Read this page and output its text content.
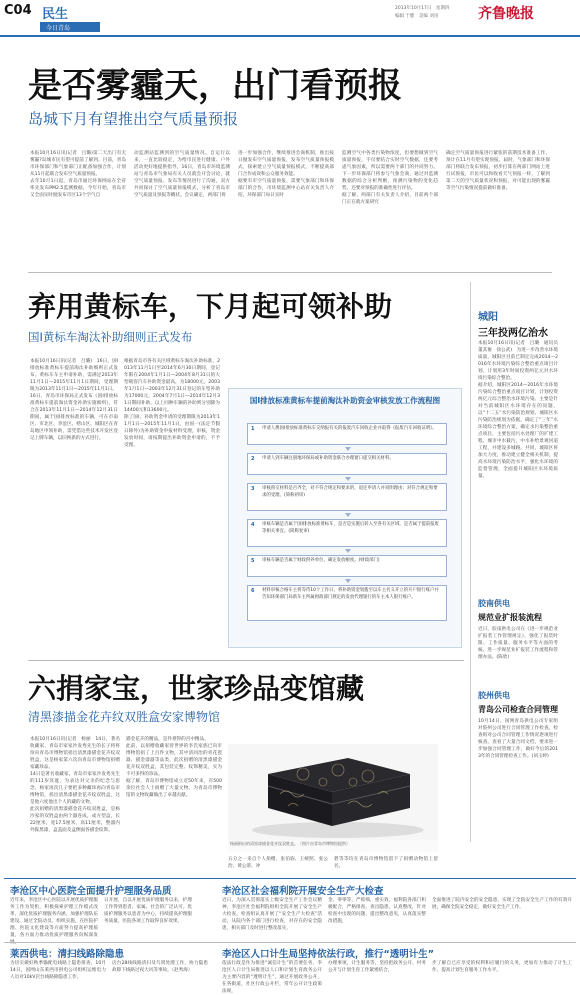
C04 民生
今日青岛
2013年10月17日　星期四
编辑 于健　美编 刘宙	齐鲁晚报
是否雾霾天，出门看预报
岛城下月有望推出空气质量预报

本报10月16日讯(记者　吕璐)第二天出门有无雾霾?岛城市民有望可提前了解到。目前，青岛市环保部门和气象部门正配备加强合作，计划从11月起联合发布空气质量预报。

去年10月1日起，青岛市通过环保网站在全省率先发布PM2.5监测数据，今年开始，青岛市又全面实时抛发布市区13个空气自

动监测站监测到的空气质量情况。自运行以来，一直比较稳定，为给市民进行健康、户外活动更好地提供指导，16日，青岛市环境监测站与青岛市气象局有关人员就会开会讨论，就空气质量预报、发布等情况进行了沟通，双方共同探讨了空气质量预报模式，分析了青岛市空气质量及预报等概状。会议确定，两部门将

进一步加强合作，继续推进会商机制，推出按日抛发布空气质量预报，发布空气质量预报模式，探索建立空气质量预报模式，不断提高部门合作成效和公众服务效能。

据要有市空气质量预报，需要气象部门和环保部门的合作，市环境监测中心站有关负责人介绍，环保部门每日实时

监测空气中各类污染物浓度，但要想做到空气质量预报，不仅要结合实时空气数据，还要考虑气象因素，所以需要两个部门的共同努力。下一步环保部门将参与气象会商，通过对监测数据的综合分析判断，预测污染物的变化趋势，还要对预报的准确性进行评估。

据了解，两部门有关负责人介绍，目前两个部门正在就方案研究

确定空气质量预报进行紧张的前期技术准备工作，预计在11月有望实现预报。届时，气象部门和环保部门将联合发布预报，初步打算在两部门网站上进行试预报，市民可以和收看天气预报一样，了解到第二天的空气质量状况和预报，对可能出现的雾霾等空气污染情况提前做好准备。
弃用黄标车，下月起可领补助
国Ⅰ黄标车淘汰补助细则正式发布

本报10月16日讯(记者　吕璐)　16日，国Ⅰ排放标准黄标车提前淘汰补助细则正式发布。黄标车车主申请补助，需满足2013年11月1日—2015年11月1日期间，受理期限为2013年11月1日—2015年11月1日。

16日，青岛市环保局正式发布《国Ⅰ排放标准黄标车提前淘汰资金补助实施细则》，符合在2013年11月1日—2014年12月31日期间，属于国Ⅰ排放标准的车辆，可在市南区、市北区、李沧区、崂山区、城阳区在青岛地区申领补助，需凭借这些技术开发区登记上牌车辆，以旧换新的方式进行。

根据青岛市各有关区域黄标车淘汰补助标准，2013年11月1日至2014年6月30日期间，登记年限在2004年1月1日—2004年8月31日的大型载客汽车补助资金最高，为18000元，2003年1月1日—2003年12月31日登记的车型补助为17000元，2004年7月1日—2014年12月31日期间补助，以上同种车辆的补助则分别降为14400元和13600元。

除了国Ⅰ，补助资金申请的受理期限为2013年11月1日—2015年11月1日，由国一(法定节假日除外)为补助资金申报材料受理，审核，资金发放时间，请按期提出补助资金申请的，不予受理。

国Ⅰ排放标准黄标车提前淘汰补助资金审核发放工作流程图
1 申请人携国Ⅰ排放标准黄标车交纳报有关的报废汽车回收企业并取得《报废汽车回收证明》。
2 申请人到车辆注册地环保局或补助资金联合办理窗口提交相关材料。
3 审核预交材料是否齐全，对不符合规定和要求的，退还申请人并说明理由；对符合规定和要求的受理。(简称初审)
4 审核车辆是否属于国Ⅰ排放标准黄标车，是否是实施后转入至各有关区域，是否属于提前报废等相关事宜。(简称复审)
5 审核车辆是否属于财政供养单位，确定发放额度。(财政部门)
6 材料审核合格车主将等待10个工作日，将补助资金划拨至以车主名义开立的开户银行账户并告知环保部门局新车主所属财政部门规定的发放代理银行的车主本人银行账户。
六捐家宝，世家珍品变馆藏
清黑漆描金花卉纹双胜盒安家博物馆

本报10月16日讯(记者　杨丽　14日，著名收藏家、青岛市家家沙发秀先生的长子将将珍向青岛市博物馆捐出清黑漆描金花卉纹双胜盒，这是杨家第六次向青岛市博物馆捐赠家藏珍品。

14日是著名收藏家，青岛市家家沙发秀先生的111岁冥诞，为表达对父亲的纪念与思念，杨家再次几子要把多种藏珍再向青岛市博物馆，捐出清黑漆描金花卉纹双胜盒，这是他六度他出个人的藏的文物。

此次捐赠的清黑漆描金花卉纹双胜盒，是杨沙家的双胜盒由两个器连成，成方型盒，长22厘米，宽17.5厘米，高11厘米，整器内外髹黑漆，盒盖面及盒侧面各描金纹饰。

描金花卉的精品，是件难得的宫中精品。

此前，以捐赠收藏家曾世界的李氏家族已向市博物馆捐了上百件文物，其中清同治的青花瓷器、描金漆器等品类，此次捐赠的清黑漆描金花卉纹双胜盒，其包装完整、纹饰精美，实为不可多得的珍品。

据了解，青岛市博物馆成立近50年来，有500余位社会人士捐赠了大量文物，为青岛市博物馆的文物收藏做出了卓越贡献。

杨丽捐出的清黑漆描金花卉纹双胜盒。（图片由青岛市博物馆提供）
五分之一来自个人捐赠，张伯驹、王统照、张公治、黄公渚、冲
碧等等均在青岛市博物馆留下了捐赠动物馆上留名。
城阳
三年投两亿治水

本报10月16日讯(记者　吕璐　通讯员　董其俊　徐公武)　为进一步改善水环境质量，城阳区目前已制定完成2014—2016年水环境污染综合整治重点项目计划，计划用3年时间投资两亿元对水环境污染综合整治。

据介绍，城阳区2014—2016年水环境污染综合整治重点项目计划，计划投资两亿元综合整治水环境污染。主要是针对当前城阳区水环境存在的问题，以“十二五”水污染防治规划、城阳区水污染防治规划为依据，确定了“三年”水环境综合整治方案，确定水污染整治重点项目，主要包括污水处理厂的扩建工程、城市中水截污，中水补给景观河道工程，并建设多城路。共同，城阳区将加大力度，推动建立健全相关机制，提高水环境污染防治水平，强化水环境的监督管理，全面提升城阳区水环境质量。

胶南供电
规范业扩报装流程
近日，胶南供电公司在《进一步规范业扩报装工作管理规定》，强化了报装时限、工作质量、服务水平等方面的考核，进一步规范业扩报装工作流程和管理办法。(陈欣)
胶州供电
青岛公司检查合同管理
10月14日，国网青岛供电公司专家组对胶州公司进行合同管理工作检查。检查组对公司合同管理工作情况逐项进行核查，查看了大量合同文档，要求进一步加强合同管理工作，做好今后的2013年的合同管理检查工作。(刘玉婷)
李沧区中心医院全面提升护理服务品质
近年来，李沧区中心医院以开展优质护理服务工作为契机，积极探索护理工作模式改革，深化优质护理服务内涵，加强护理队伍建设，通过全院动员、组织实施，在医院护理、医院文化建设等方面努力提高护理质量，各方面力推动优质护理服务向纵深发
日开展，自以开展优质护理服务以来，护理工作得到患者、家属、社会的广泛认可。优质护理服务以患者为中心，持续提高护理服务质量，医院各项工作取得良好效果，
李沧区社会福利院开展安全生产大检查
近日，为深入贯彻落实上级安全生产工作会议精神，李沧区社会福利院组织全院开展了安全生产大检查。检查组认真开展了“安全生产大检查”活动，从院内各个部门进行检查，对存在的安全隐患，相关部门及时进行整改落实，
金、零零等，严抓细，重实效，福利院各部门积极配合，严格排查，查出隐患，认真整改，针对检查中出现的问题，提出整改意见，认真落实整改措施，
全面推进了院内安全的安全隐患，实现了全院安全生产工作的有效开展，确保全院安全稳定，做好安全生产工作，
莱西供电：清扫线路除隐患
为切实做好秋季输配电线路上隐患排查，10月14日，国网山东莱西市供电公司组织运维电力人员对10kV店台线路除隐患工作，
店台28线线路清扫及鸟窝处理工作，协力隐患故障下线路过夜大风等事故。（赵秀海）
李沧区人口计生局坚持依法行政，推行“透明计生”
依法行政是作为推进“诚信计生”的首要任务，李沧区人口计生局推进以人口和计划生育政务公开为主要内容的“透明计生”，通过开展政务公开，在各街道，社区行政公开栏，常年公开计生政策法规，
办理事项，计生服务等，坚持把政务公开、村务公开与计划生育工作紧密结合，
步了解自已应享受的权利和应履行的义务，更加有力推动了计生工作，提高计划生育服务工作水平。
